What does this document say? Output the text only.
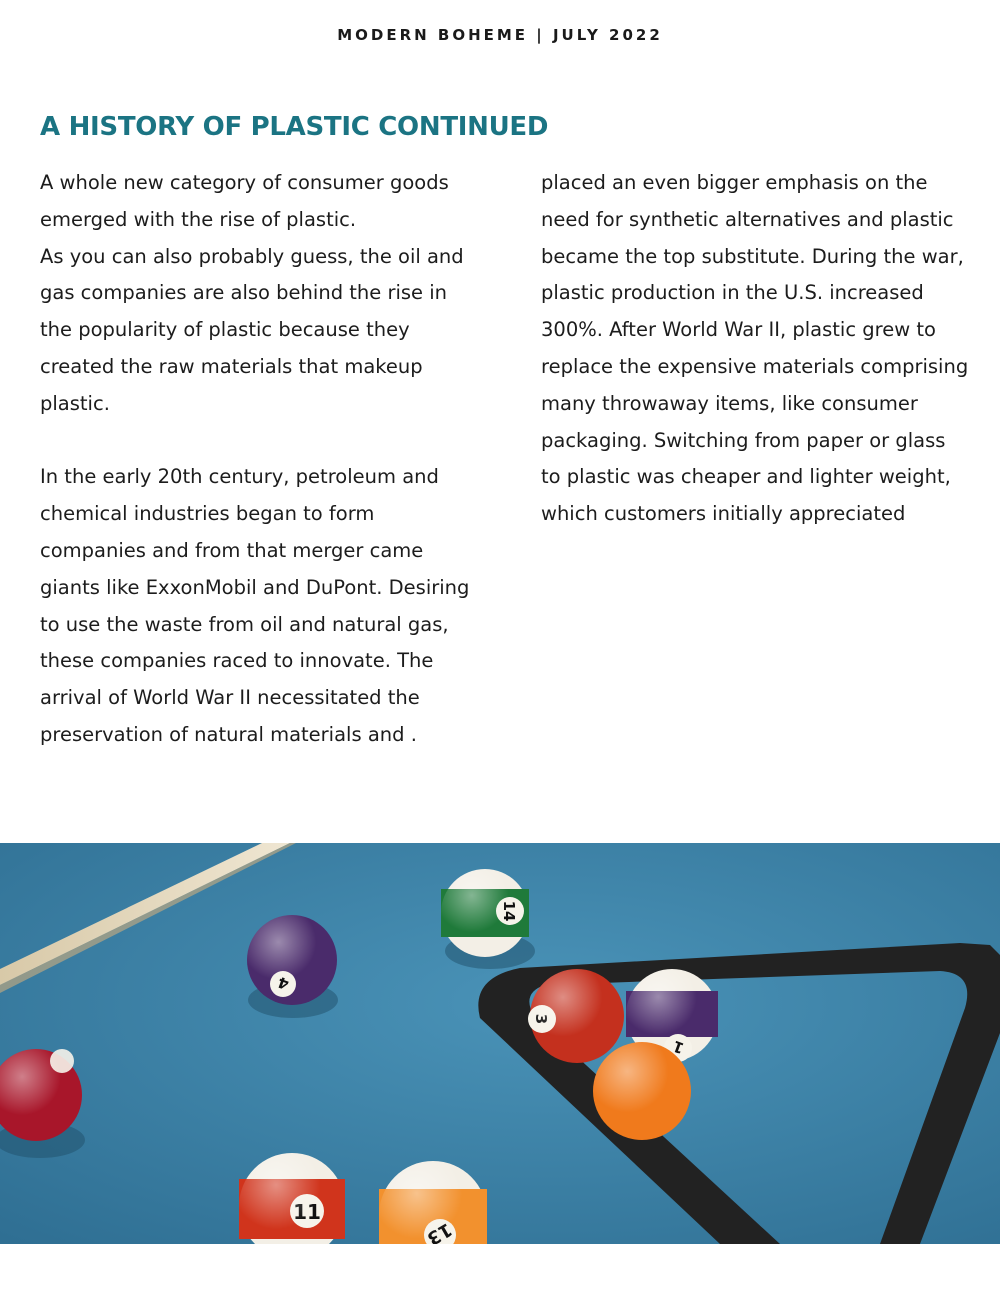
MODERN BOHEME | JULY 2022
A HISTORY OF PLASTIC CONTINUED

A whole new category of consumer goods emerged with the rise of plastic.

As you can also probably guess, the oil and gas companies are also behind the rise in the popularity of plastic because they created the raw materials that makeup plastic.

In the early 20th century, petroleum and chemical industries began to form companies and from that merger came giants like ExxonMobil and DuPont. Desiring to use the waste from oil and natural gas, these companies raced to innovate. The arrival of World War II necessitated the preservation of natural materials and .

placed an even bigger emphasis on the need for synthetic alternatives and plastic became the top substitute. During the war, plastic production in the U.S. increased 300%. After World War II, plastic grew to replace the expensive materials comprising many throwaway items, like consumer packaging. Switching from paper or glass to plastic was cheaper and lighter weight, which customers initially appreciated
